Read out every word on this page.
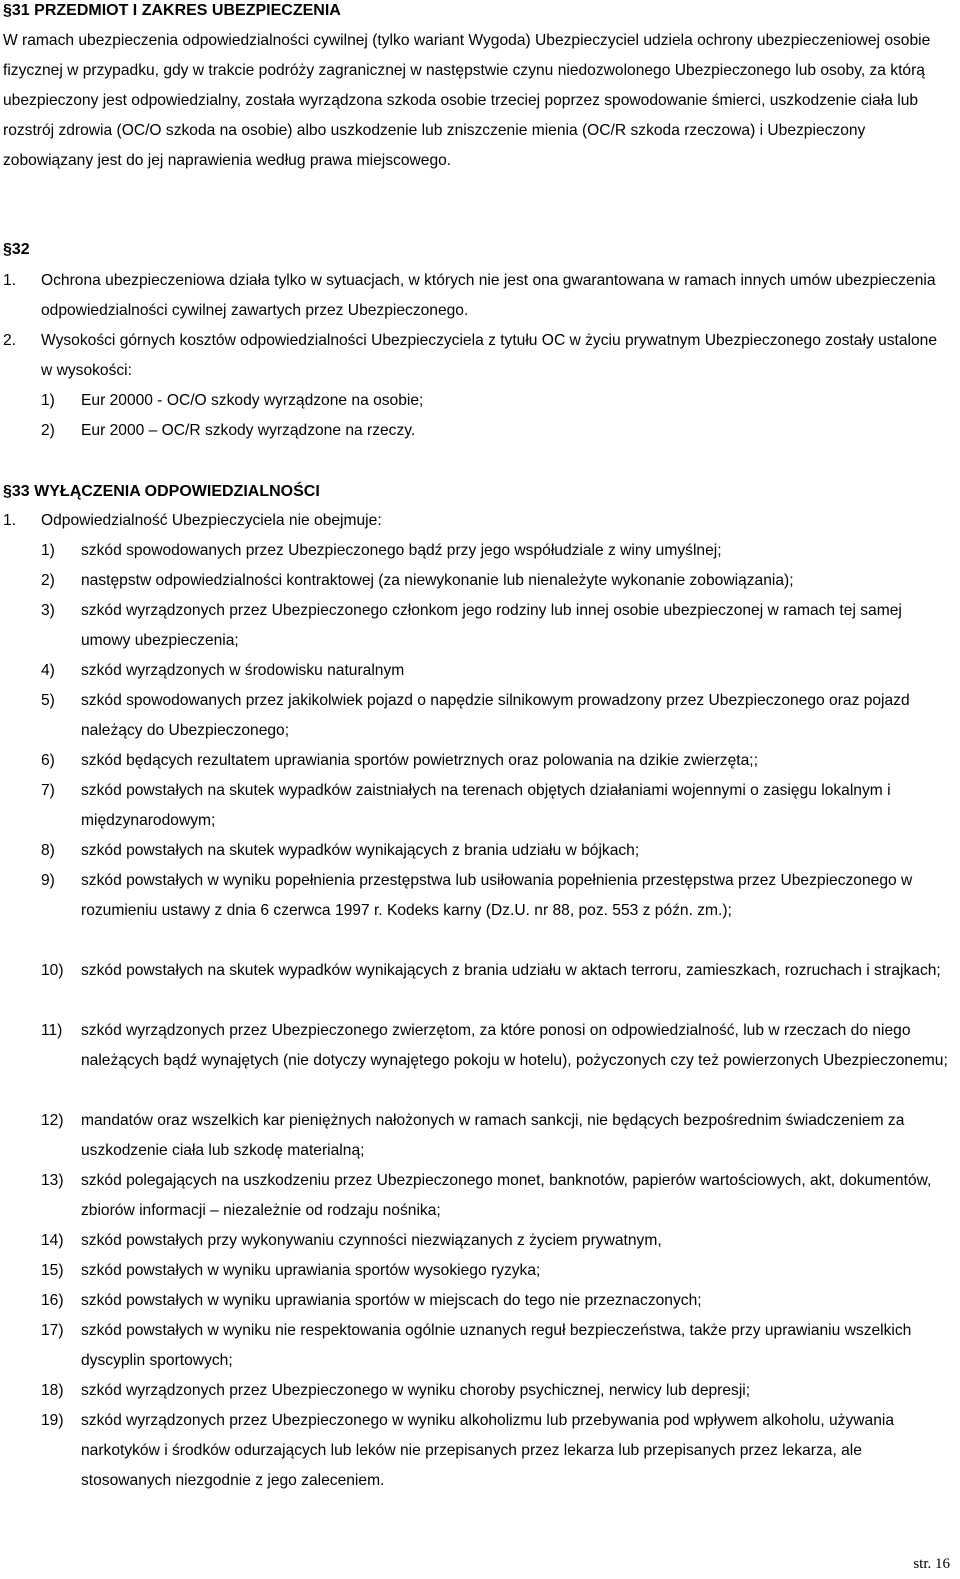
§31 PRZEDMIOT I ZAKRES UBEZPIECZENIA
W ramach ubezpieczenia odpowiedzialności cywilnej (tylko wariant Wygoda) Ubezpieczyciel udziela ochrony ubezpieczeniowej osobie fizycznej w przypadku, gdy w trakcie podróży zagranicznej w następstwie czynu niedozwolonego Ubezpieczonego lub osoby, za którą ubezpieczony jest odpowiedzialny, została wyrządzona szkoda osobie trzeciej poprzez spowodowanie śmierci, uszkodzenie ciała lub rozstrój zdrowia (OC/O szkoda na osobie) albo uszkodzenie lub zniszczenie mienia (OC/R szkoda rzeczowa) i Ubezpieczony zobowiązany jest do jej naprawienia według prawa miejscowego.
§32
1. Ochrona ubezpieczeniowa działa tylko w sytuacjach, w których nie jest ona gwarantowana w ramach innych umów ubezpieczenia odpowiedzialności cywilnej zawartych przez Ubezpieczonego.
2. Wysokości górnych kosztów odpowiedzialności Ubezpieczyciela z tytułu OC w życiu prywatnym Ubezpieczonego zostały ustalone w wysokości:
1) Eur 20000 - OC/O szkody wyrządzone na osobie;
2) Eur 2000 – OC/R szkody wyrządzone na rzeczy.
§33 WYŁĄCZENIA ODPOWIEDZIALNOŚCI
1. Odpowiedzialność Ubezpieczyciela nie obejmuje:
1)	szkód spowodowanych przez Ubezpieczonego bądź przy jego współudziale z winy umyślnej;
2)	następstw odpowiedzialności kontraktowej (za niewykonanie lub nienależyte wykonanie zobowiązania);
3)	szkód wyrządzonych przez Ubezpieczonego członkom jego rodziny lub innej osobie ubezpieczonej w ramach tej samej umowy ubezpieczenia;
4)	szkód wyrządzonych w środowisku naturalnym
5)	szkód spowodowanych przez jakikolwiek pojazd o napędzie silnikowym prowadzony przez Ubezpieczonego oraz pojazd należący do Ubezpieczonego;
6)	szkód będących rezultatem uprawiania sportów powietrznych oraz polowania na dzikie zwierzęta;;
7)	szkód powstałych na skutek wypadków zaistniałych na terenach objętych działaniami wojennymi o zasięgu lokalnym i międzynarodowym;
8)	szkód powstałych na skutek wypadków wynikających z brania udziału w bójkach;
9)	szkód powstałych w wyniku popełnienia przestępstwa lub usiłowania popełnienia przestępstwa przez Ubezpieczonego w rozumieniu ustawy z dnia 6 czerwca 1997 r. Kodeks karny (Dz.U. nr 88, poz. 553 z późn. zm.);
10)	szkód powstałych na skutek wypadków wynikających z brania udziału w aktach terroru, zamieszkach, rozruchach i strajkach;
11)	szkód wyrządzonych przez Ubezpieczonego zwierzętom, za które ponosi on odpowiedzialność, lub w rzeczach do niego należących bądź wynajętych (nie dotyczy wynajętego pokoju w hotelu), pożyczonych czy też powierzonych Ubezpieczonemu;
12)	mandatów oraz wszelkich kar pieniężnych nałożonych w ramach sankcji, nie będących bezpośrednim świadczeniem za uszkodzenie ciała lub szkodę materialną;
13)	szkód polegających na uszkodzeniu przez Ubezpieczonego monet, banknotów, papierów wartościowych, akt, dokumentów, zbiorów informacji – niezależnie od rodzaju nośnika;
14)	szkód powstałych przy wykonywaniu czynności niezwiązanych z życiem prywatnym,
15)	szkód powstałych w wyniku uprawiania sportów wysokiego ryzyka;
16)	szkód powstałych w wyniku uprawiania sportów w miejscach do tego nie przeznaczonych;
17)	szkód powstałych w wyniku nie respektowania ogólnie uznanych reguł bezpieczeństwa, także przy uprawianiu wszelkich dyscyplin sportowych;
18)	szkód wyrządzonych przez Ubezpieczonego w wyniku choroby psychicznej, nerwicy lub depresji;
19)	szkód wyrządzonych przez Ubezpieczonego w wyniku alkoholizmu lub przebywania pod wpływem alkoholu, używania narkotyków i środków odurzających lub leków nie przepisanych przez lekarza lub przepisanych przez lekarza, ale stosowanych niezgodnie z jego zaleceniem.
str. 16
